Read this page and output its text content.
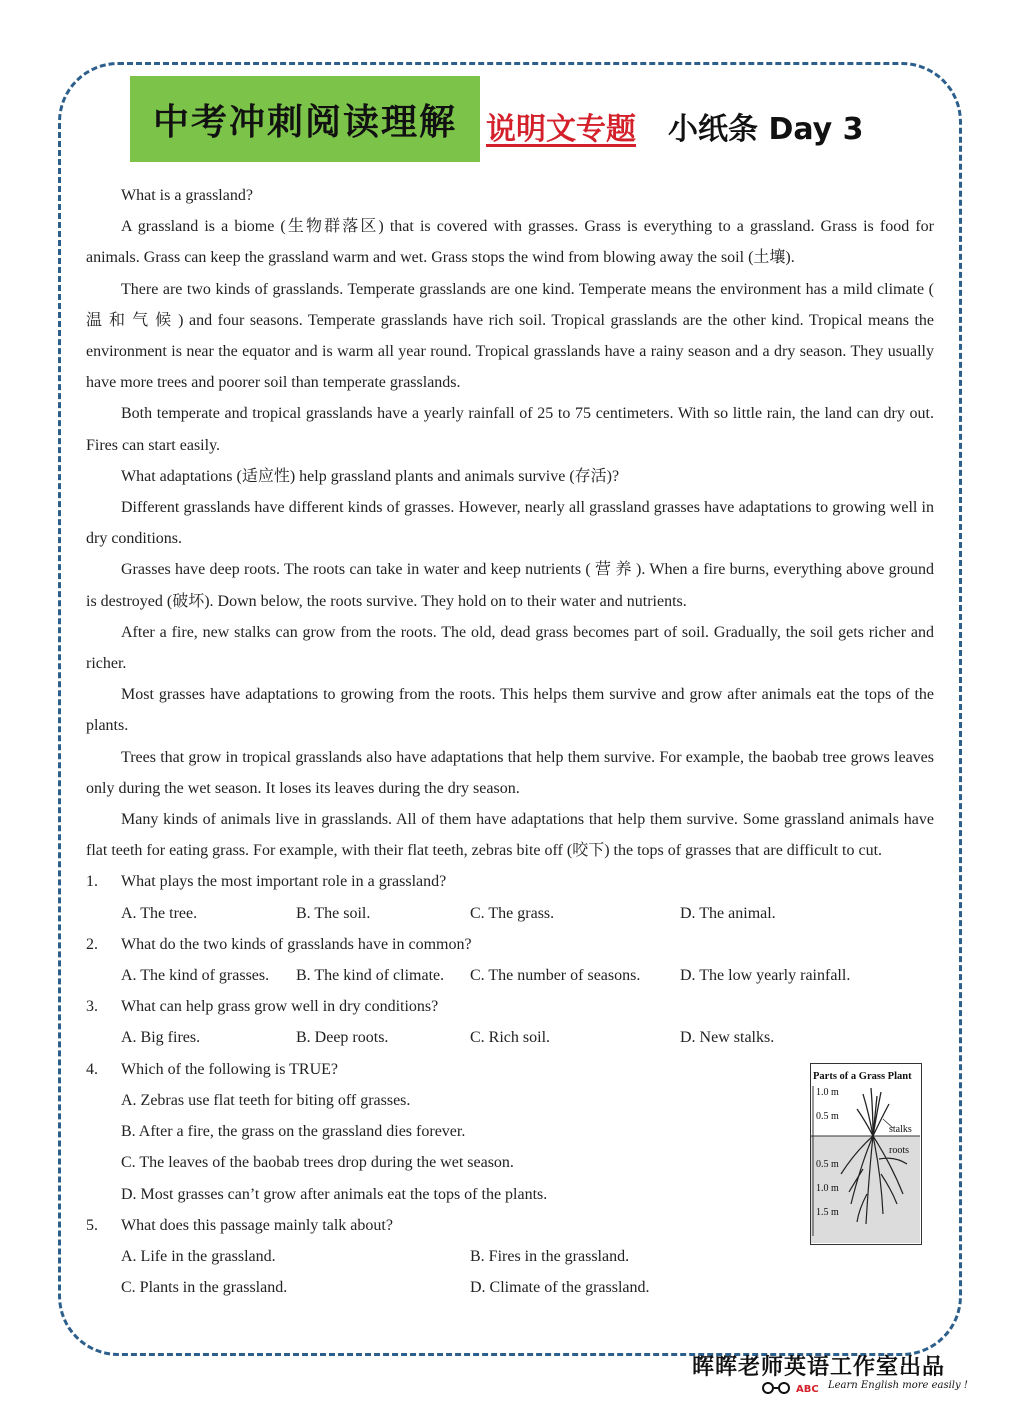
中考冲刺阅读理解 说明文专题 小纸条 Day 3

What is a grassland?

A grassland is a biome (生物群落区) that is covered with grasses. Grass is everything to a grassland. Grass is food for animals. Grass can keep the grassland warm and wet. Grass stops the wind from blowing away the soil (土壤).

There are two kinds of grasslands. Temperate grasslands are one kind. Temperate means the environment has a mild climate ( 温 和 气 候 ) and four seasons. Temperate grasslands have rich soil. Tropical grasslands are the other kind. Tropical means the environment is near the equator and is warm all year round. Tropical grasslands have a rainy season and a dry season. They usually have more trees and poorer soil than temperate grasslands.

Both temperate and tropical grasslands have a yearly rainfall of 25 to 75 centimeters. With so little rain, the land can dry out. Fires can start easily.

What adaptations (适应性) help grassland plants and animals survive (存活)?

Different grasslands have different kinds of grasses. However, nearly all grassland grasses have adaptations to growing well in dry conditions.

Grasses have deep roots. The roots can take in water and keep nutrients ( 营 养 ). When a fire burns, everything above ground is destroyed (破坏). Down below, the roots survive. They hold on to their water and nutrients.

After a fire, new stalks can grow from the roots. The old, dead grass becomes part of soil. Gradually, the soil gets richer and richer.

Most grasses have adaptations to growing from the roots. This helps them survive and grow after animals eat the tops of the plants.

Trees that grow in tropical grasslands also have adaptations that help them survive. For example, the baobab tree grows leaves only during the wet season. It loses its leaves during the dry season.

Many kinds of animals live in grasslands. All of them have adaptations that help them survive. Some grassland animals have flat teeth for eating grass. For example, with their flat teeth, zebras bite off (咬下) the tops of grasses that are difficult to cut.

1.	What plays the most important role in a grassland?
A. The tree.	B. The soil.	C. The grass.	D. The animal.
2.	What do the two kinds of grasslands have in common?
A. The kind of grasses.	B. The kind of climate.	C. The number of seasons.	D. The low yearly rainfall.
3.	What can help grass grow well in dry conditions?
A. Big fires.	B. Deep roots.	C. Rich soil.	D. New stalks.
4.	Which of the following is TRUE?
A. Zebras use flat teeth for biting off grasses.
B. After a fire, the grass on the grassland dies forever.
C. The leaves of the baobab trees drop during the wet season.
D. Most grasses can’t grow after animals eat the tops of the plants.
5.	What does this passage mainly talk about?
A. Life in the grassland.	B. Fires in the grassland.
C. Plants in the grassland.	D. Climate of the grassland.
Parts of a Grass Plant
1.0 m
0.5 m
stalks
roots
0.5 m
1.0 m
1.5 m
晖晖老师英语工作室出品
ABC Learn English more easily !
